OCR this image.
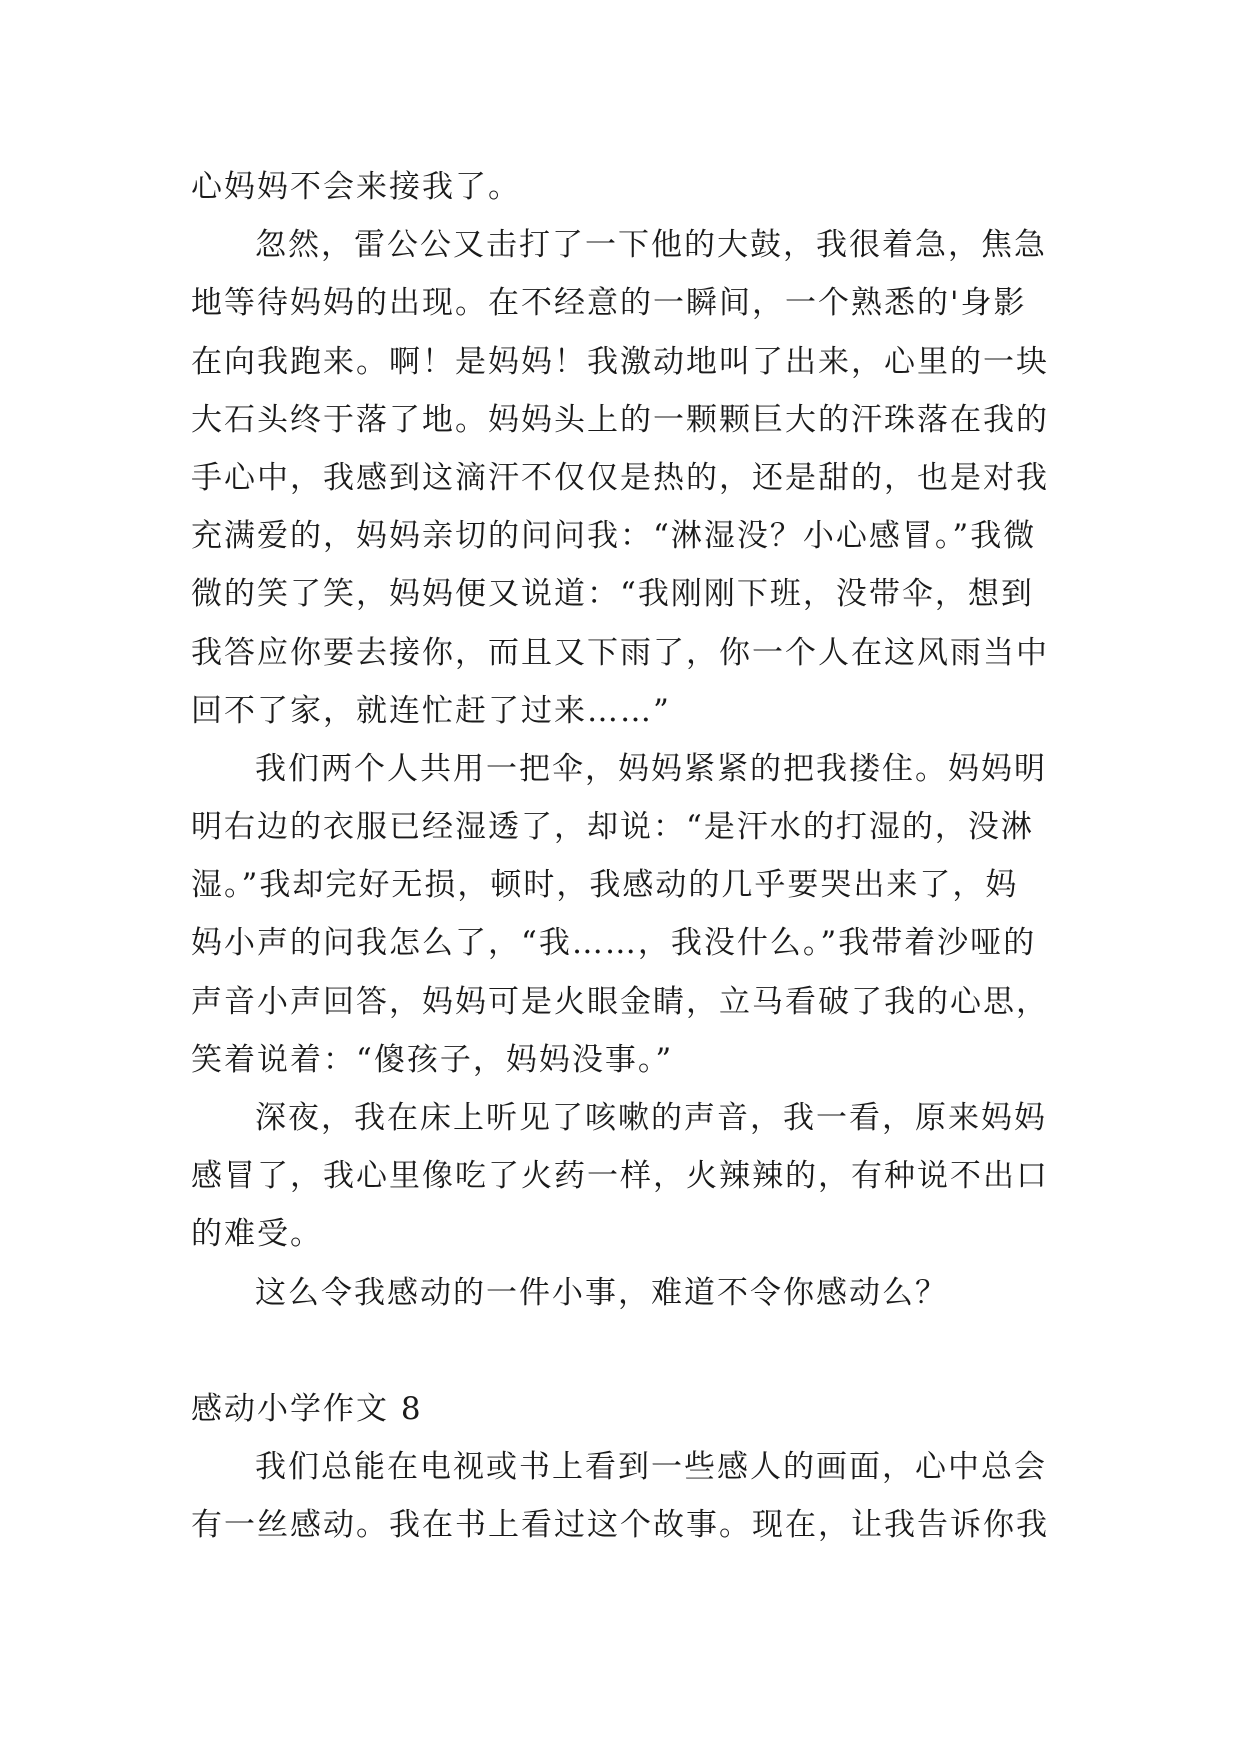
心妈妈不会来接我了。
忽然，雷公公又击打了一下他的大鼓，我很着急，焦急
地等待妈妈的出现。在不经意的一瞬间，一个熟悉的'身影
在向我跑来。啊！是妈妈！我激动地叫了出来，心里的一块
大石头终于落了地。妈妈头上的一颗颗巨大的汗珠落在我的
手心中，我感到这滴汗不仅仅是热的，还是甜的，也是对我
充满爱的，妈妈亲切的问问我：“淋湿没？小心感冒。”我微
微的笑了笑，妈妈便又说道：“我刚刚下班，没带伞，想到
我答应你要去接你，而且又下雨了，你一个人在这风雨当中
回不了家，就连忙赶了过来……”
我们两个人共用一把伞，妈妈紧紧的把我搂住。妈妈明
明右边的衣服已经湿透了，却说：“是汗水的打湿的，没淋
湿。”我却完好无损，顿时，我感动的几乎要哭出来了，妈
妈小声的问我怎么了，“我……，我没什么。”我带着沙哑的
声音小声回答，妈妈可是火眼金睛，立马看破了我的心思，
笑着说着：“傻孩子，妈妈没事。”
深夜，我在床上听见了咳嗽的声音，我一看，原来妈妈
感冒了，我心里像吃了火药一样，火辣辣的，有种说不出口
的难受。
这么令我感动的一件小事，难道不令你感动么？
感动小学作文 8
我们总能在电视或书上看到一些感人的画面，心中总会
有一丝感动。我在书上看过这个故事。现在，让我告诉你我
